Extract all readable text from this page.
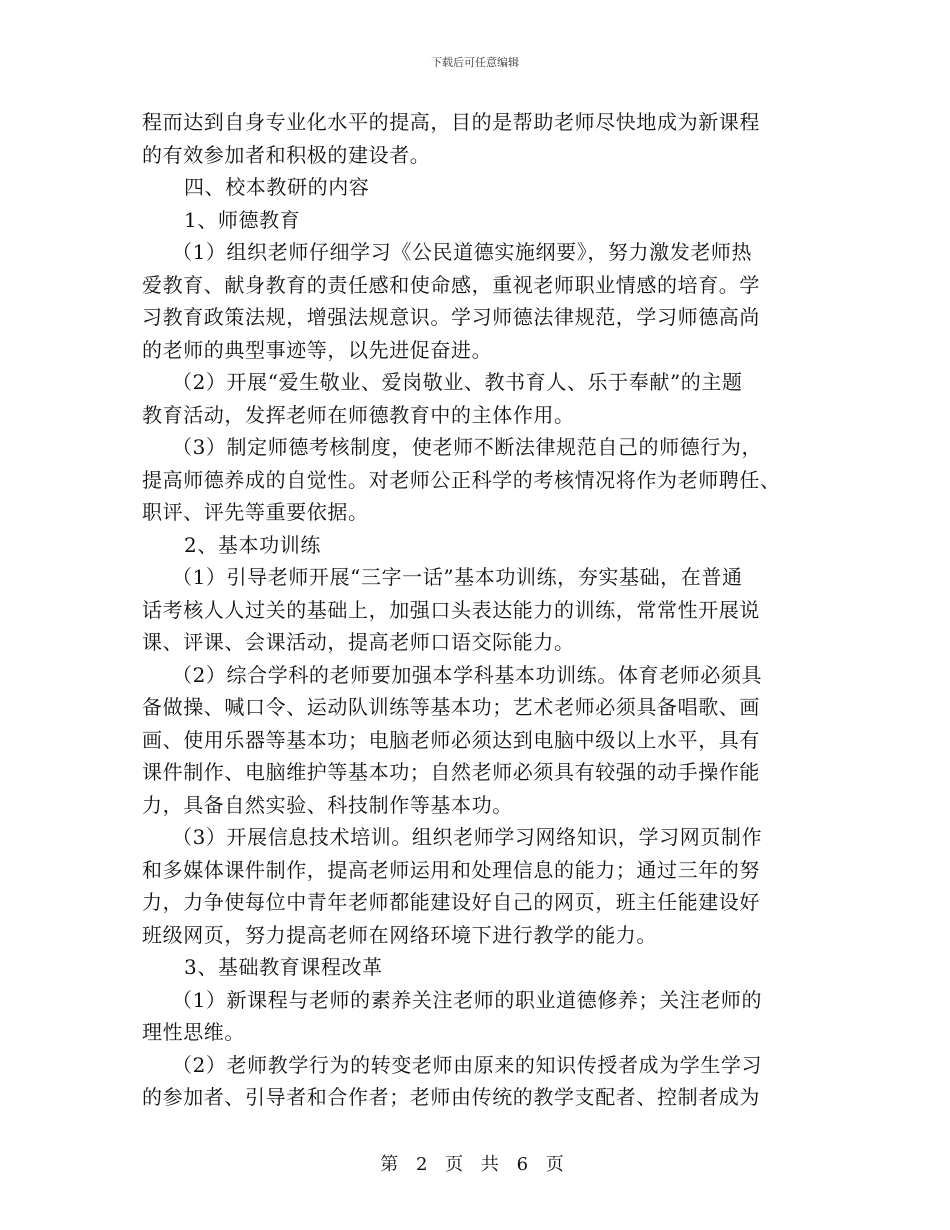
下载后可任意编辑
程而达到自身专业化水平的提高，目的是帮助老师尽快地成为新课程
的有效参加者和积极的建设者。
四、校本教研的内容
1、师德教育
（1）组织老师仔细学习《公民道德实施纲要》，努力激发老师热
爱教育、献身教育的责任感和使命感，重视老师职业情感的培育。学
习教育政策法规，增强法规意识。学习师德法律规范，学习师德高尚
的老师的典型事迹等，以先进促奋进。
（2）开展“爱生敬业、爱岗敬业、教书育人、乐于奉献”的主题
教育活动，发挥老师在师德教育中的主体作用。
（3）制定师德考核制度，使老师不断法律规范自己的师德行为，
提高师德养成的自觉性。对老师公正科学的考核情况将作为老师聘任、
职评、评先等重要依据。
2、基本功训练
（1）引导老师开展“三字一话”基本功训练，夯实基础，在普通
话考核人人过关的基础上，加强口头表达能力的训练，常常性开展说
课、评课、会课活动，提高老师口语交际能力。
（2）综合学科的老师要加强本学科基本功训练。体育老师必须具
备做操、喊口令、运动队训练等基本功；艺术老师必须具备唱歌、画
画、使用乐器等基本功；电脑老师必须达到电脑中级以上水平，具有
课件制作、电脑维护等基本功；自然老师必须具有较强的动手操作能
力，具备自然实验、科技制作等基本功。
（3）开展信息技术培训。组织老师学习网络知识，学习网页制作
和多媒体课件制作，提高老师运用和处理信息的能力；通过三年的努
力，力争使每位中青年老师都能建设好自己的网页，班主任能建设好
班级网页，努力提高老师在网络环境下进行教学的能力。
3、基础教育课程改革
（1）新课程与老师的素养关注老师的职业道德修养；关注老师的
理性思维。
（2）老师教学行为的转变老师由原来的知识传授者成为学生学习
的参加者、引导者和合作者；老师由传统的教学支配者、控制者成为
第 2 页 共 6 页
